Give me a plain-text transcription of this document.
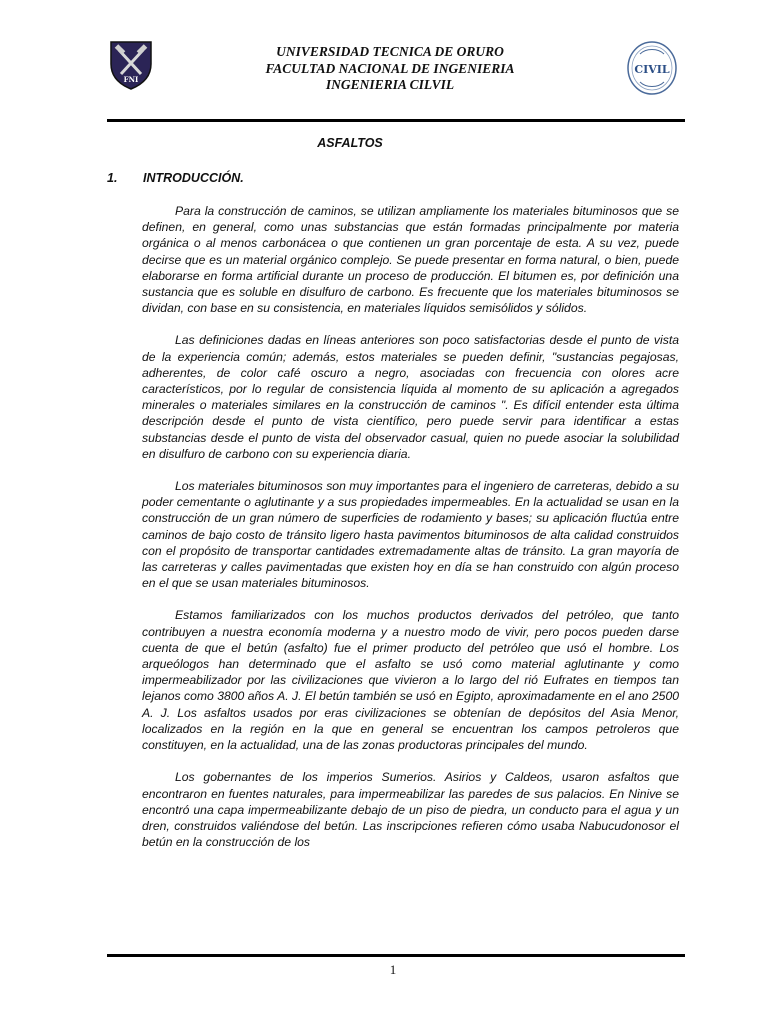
FNI
UNIVERSIDAD TECNICA DE ORURO
FACULTAD NACIONAL DE INGENIERIA
INGENIERIA CILVIL
CIVIL
ASFALTOS
1. INTRODUCCIÓN.

Para la construcción de caminos, se utilizan ampliamente los materiales bituminosos que se definen, en general, como unas substancias que están formadas principalmente por materia orgánica o al menos carbonácea o que contienen un gran porcentaje de esta. A su vez, puede decirse que es un material orgánico complejo. Se puede presentar en forma natural, o bien, puede elaborarse en forma artificial durante un proceso de producción. El bitumen es, por definición una sustancia que es soluble en disulfuro de carbono. Es frecuente que los materiales bituminosos se dividan, con base en su consistencia, en materiales líquidos semisólidos y sólidos.

Las definiciones dadas en líneas anteriores son poco satisfactorias desde el punto de vista de la experiencia común; además, estos materiales se pueden definir, "sustancias pegajosas, adherentes, de color café oscuro a negro, asociadas con frecuencia con olores acre característicos, por lo regular de consistencia líquida al momento de su aplicación a agregados minerales o materiales similares en la construcción de caminos ". Es difícil entender esta última descripción desde el punto de vista científico, pero puede servir para identificar a estas substancias desde el punto de vista del observador casual, quien no puede asociar la solubilidad en disulfuro de carbono con su experiencia diaria.

Los materiales bituminosos son muy importantes para el ingeniero de carreteras, debido a su poder cementante o aglutinante y a sus propiedades impermeables. En la actualidad se usan en la construcción de un gran número de superficies de rodamiento y bases; su aplicación fluctúa entre caminos de bajo costo de tránsito ligero hasta pavimentos bituminosos de alta calidad construidos con el propósito de transportar cantidades extremadamente altas de tránsito. La gran mayoría de las carreteras y calles pavimentadas que existen hoy en día se han construido con algún proceso en el que se usan materiales bituminosos.

Estamos familiarizados con los muchos productos derivados del petróleo, que tanto contribuyen a nuestra economía moderna y a nuestro modo de vivir, pero pocos pueden darse cuenta de que el betún (asfalto) fue el primer producto del petróleo que usó el hombre. Los arqueólogos han determinado que el asfalto se usó como material aglutinante y como impermeabilizador por las civilizaciones que vivieron a lo largo del rió Eufrates en tiempos tan lejanos como 3800 años A. J. El betún también se usó en Egipto, aproximadamente en el ano 2500 A. J. Los asfaltos usados por eras civilizaciones se obtenían de depósitos del Asia Menor, localizados en la región en la que en general se encuentran los campos petroleros que constituyen, en la actualidad, una de las zonas productoras principales del mundo.

Los gobernantes de los imperios Sumerios. Asirios y Caldeos, usaron asfaltos que encontraron en fuentes naturales, para impermeabilizar las paredes de sus palacios. En Ninive se encontró una capa impermeabilizante debajo de un piso de piedra, un conducto para el agua y un dren, construidos valiéndose del betún. Las inscripciones refieren cómo usaba Nabucudonosor el betún en la construcción de los

1
